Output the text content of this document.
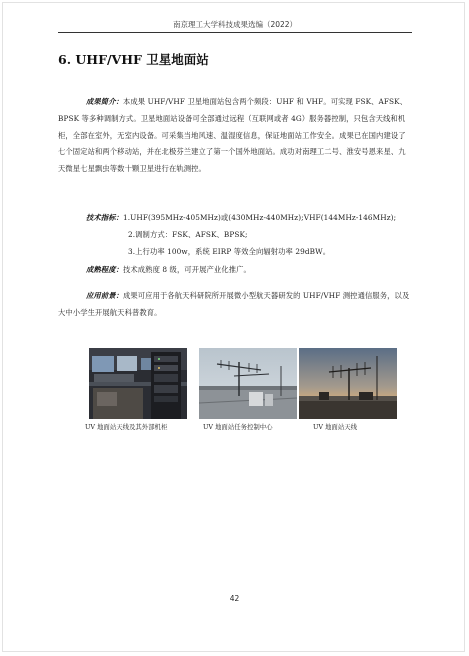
南京理工大学科技成果选编（2022）
6. UHF/VHF 卫星地面站
成果简介：本成果 UHF/VHF 卫星地面站包含两个频段：UHF 和 VHF。可实现 FSK、AFSK、BPSK 等多种调制方式。卫星地面站设备可全部通过远程（互联网或者 4G）服务器控制，只包含天线和机柜，全部在室外，无室内设备。可采集当地风速、温湿度信息，保证地面站工作安全。成果已在国内建设了七个固定站和两个移动站，并在北极芬兰建立了第一个国外地面站。成功对南理工二号、淮安号恩来星、九天微星七星飘虫等数十颗卫星进行在轨测控。

技术指标：1.UHF(395MHz-405MHz)或(430MHz-440MHz);VHF(144MHz-146MHz);

2.调制方式：FSK、AFSK、BPSK;

3.上行功率 100w，系统 EIRP 等效全向辐射功率 29dBW。

成熟程度：技术成熟度 8 级，可开展产业化推广。

应用前景：成果可应用于各航天科研院所开展微小型航天器研发的 UHF/VHF 测控通信服务，以及大中小学生开展航天科普教育。

UV 地面站天线及其外部机柜	UV 地面站任务控制中心	UV 地面站天线
42
